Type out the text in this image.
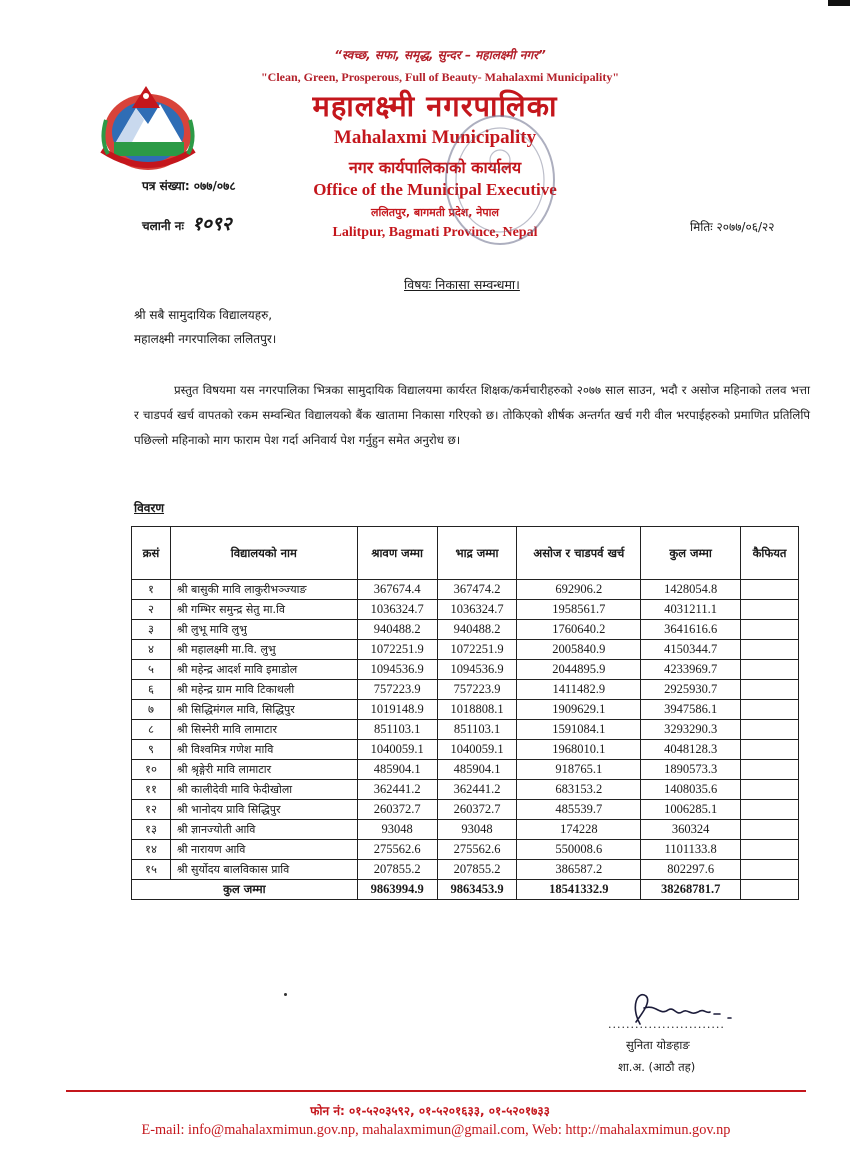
“स्वच्छ, सफा, समृद्ध, सुन्दर – महालक्ष्मी नगर”
"Clean, Green, Prosperous, Full of Beauty- Mahalaxmi Municipality"
महालक्ष्मी नगरपालिका
Mahalaxmi Municipality
नगर कार्यपालिकाको कार्यालय
Office of the Municipal Executive
ललितपुर, बागमती प्रदेश, नेपाल
Lalitpur, Bagmati Province, Nepal
पत्र संख्या: ०७७/०७८
चलानी नः १०९२	मितिः २०७७/०६/२२
विषयः निकासा सम्वन्धमा।
श्री सबै सामुदायिक विद्यालयहरु,
महालक्ष्मी नगरपालिका ललितपुर।
प्रस्तुत विषयमा यस नगरपालिका भित्रका सामुदायिक विद्यालयमा कार्यरत शिक्षक/कर्मचारीहरुको २०७७ साल साउन, भदौ र असोज महिनाको तलव भत्ता र चाडपर्व खर्च वापतको रकम सम्वन्धित विद्यालयको बैंक खातामा निकासा गरिएको छ। तोकिएको शीर्षक अन्तर्गत खर्च गरी वील भरपाईहरुको प्रमाणित प्रतिलिपि पछिल्लो महिनाको माग फाराम पेश गर्दा अनिवार्य पेश गर्नुहुन समेत अनुरोध छ।
विवरण
क्रसं	विद्यालयको नाम	श्रावण जम्मा	भाद्र जम्मा	असोज र चाडपर्व खर्च	कुल जम्मा	कैफियत
१	श्री बासुकी मावि लाकुरीभञ्ज्याङ	367674.4	367474.2	692906.2	1428054.8	
२	श्री गम्भिर समुन्द्र सेतु मा.वि	1036324.7	1036324.7	1958561.7	4031211.1	
३	श्री लुभू मावि लुभु	940488.2	940488.2	1760640.2	3641616.6	
४	श्री महालक्ष्मी मा.वि. लुभु	1072251.9	1072251.9	2005840.9	4150344.7	
५	श्री महेन्द्र आदर्श मावि इमाडोल	1094536.9	1094536.9	2044895.9	4233969.7	
६	श्री महेन्द्र ग्राम मावि टिकाथली	757223.9	757223.9	1411482.9	2925930.7	
७	श्री सिद्धिमंगल मावि, सिद्धिपुर	1019148.9	1018808.1	1909629.1	3947586.1	
८	श्री सिस्नेरी मावि लामाटार	851103.1	851103.1	1591084.1	3293290.3	
९	श्री विश्वमित्र गणेश मावि	1040059.1	1040059.1	1968010.1	4048128.3	
१०	श्री श्रृङ्गेरी मावि लामाटार	485904.1	485904.1	918765.1	1890573.3	
११	श्री कालीदेवी मावि फेदीखोला	362441.2	362441.2	683153.2	1408035.6	
१२	श्री भानोदय प्रावि सिद्धिपुर	260372.7	260372.7	485539.7	1006285.1	
१३	श्री ज्ञानज्योती आवि	93048	93048	174228	360324	
१४	श्री नारायण आवि	275562.6	275562.6	550008.6	1101133.8	
१५	श्री सुर्योदय बालविकास प्रावि	207855.2	207855.2	386587.2	802297.6	
कुल जम्मा		9863994.9	9863453.9	18541332.9	38268781.7	
..........................
सुनिता योङहाङ
शा.अ. (आठौ तह)
फोन नं: ०१-५२०३५९२, ०१-५२०१६३३, ०१-५२०१७३३
E-mail: info@mahalaxmimun.gov.np, mahalaxmimun@gmail.com, Web: http://mahalaxmimun.gov.np
